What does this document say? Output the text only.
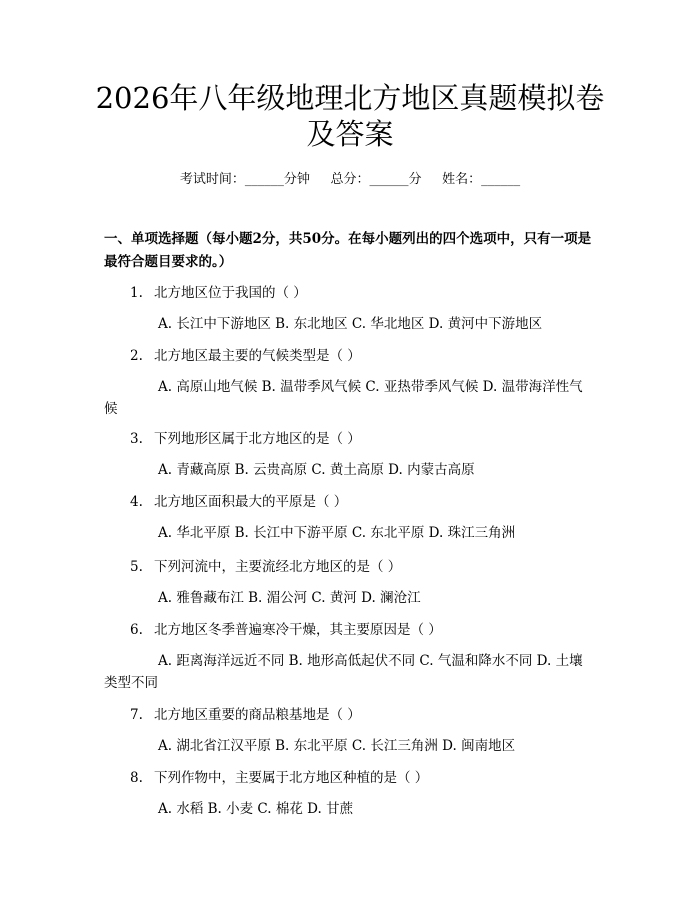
2026年八年级地理北方地区真题模拟卷及答案
考试时间：______分钟     总分：______分     姓名：______
一、单项选择题（每小题2分，共50分。在每小题列出的四个选项中，只有一项是最符合题目要求的。）
1. 北方地区位于我国的（ ）
A. 长江中下游地区 B. 东北地区 C. 华北地区 D. 黄河中下游地区
2. 北方地区最主要的气候类型是（ ）
A. 高原山地气候 B. 温带季风气候 C. 亚热带季风气候 D. 温带海洋性气候
3. 下列地形区属于北方地区的是（ ）
A. 青藏高原 B. 云贵高原 C. 黄土高原 D. 内蒙古高原
4. 北方地区面积最大的平原是（ ）
A. 华北平原 B. 长江中下游平原 C. 东北平原 D. 珠江三角洲
5. 下列河流中，主要流经北方地区的是（ ）
A. 雅鲁藏布江 B. 湄公河 C. 黄河 D. 澜沧江
6. 北方地区冬季普遍寒冷干燥，其主要原因是（ ）
A. 距离海洋远近不同 B. 地形高低起伏不同 C. 气温和降水不同 D. 土壤类型不同
7. 北方地区重要的商品粮基地是（ ）
A. 湖北省江汉平原 B. 东北平原 C. 长江三角洲 D. 闽南地区
8. 下列作物中，主要属于北方地区种植的是（ ）
A. 水稻 B. 小麦 C. 棉花 D. 甘蔗
